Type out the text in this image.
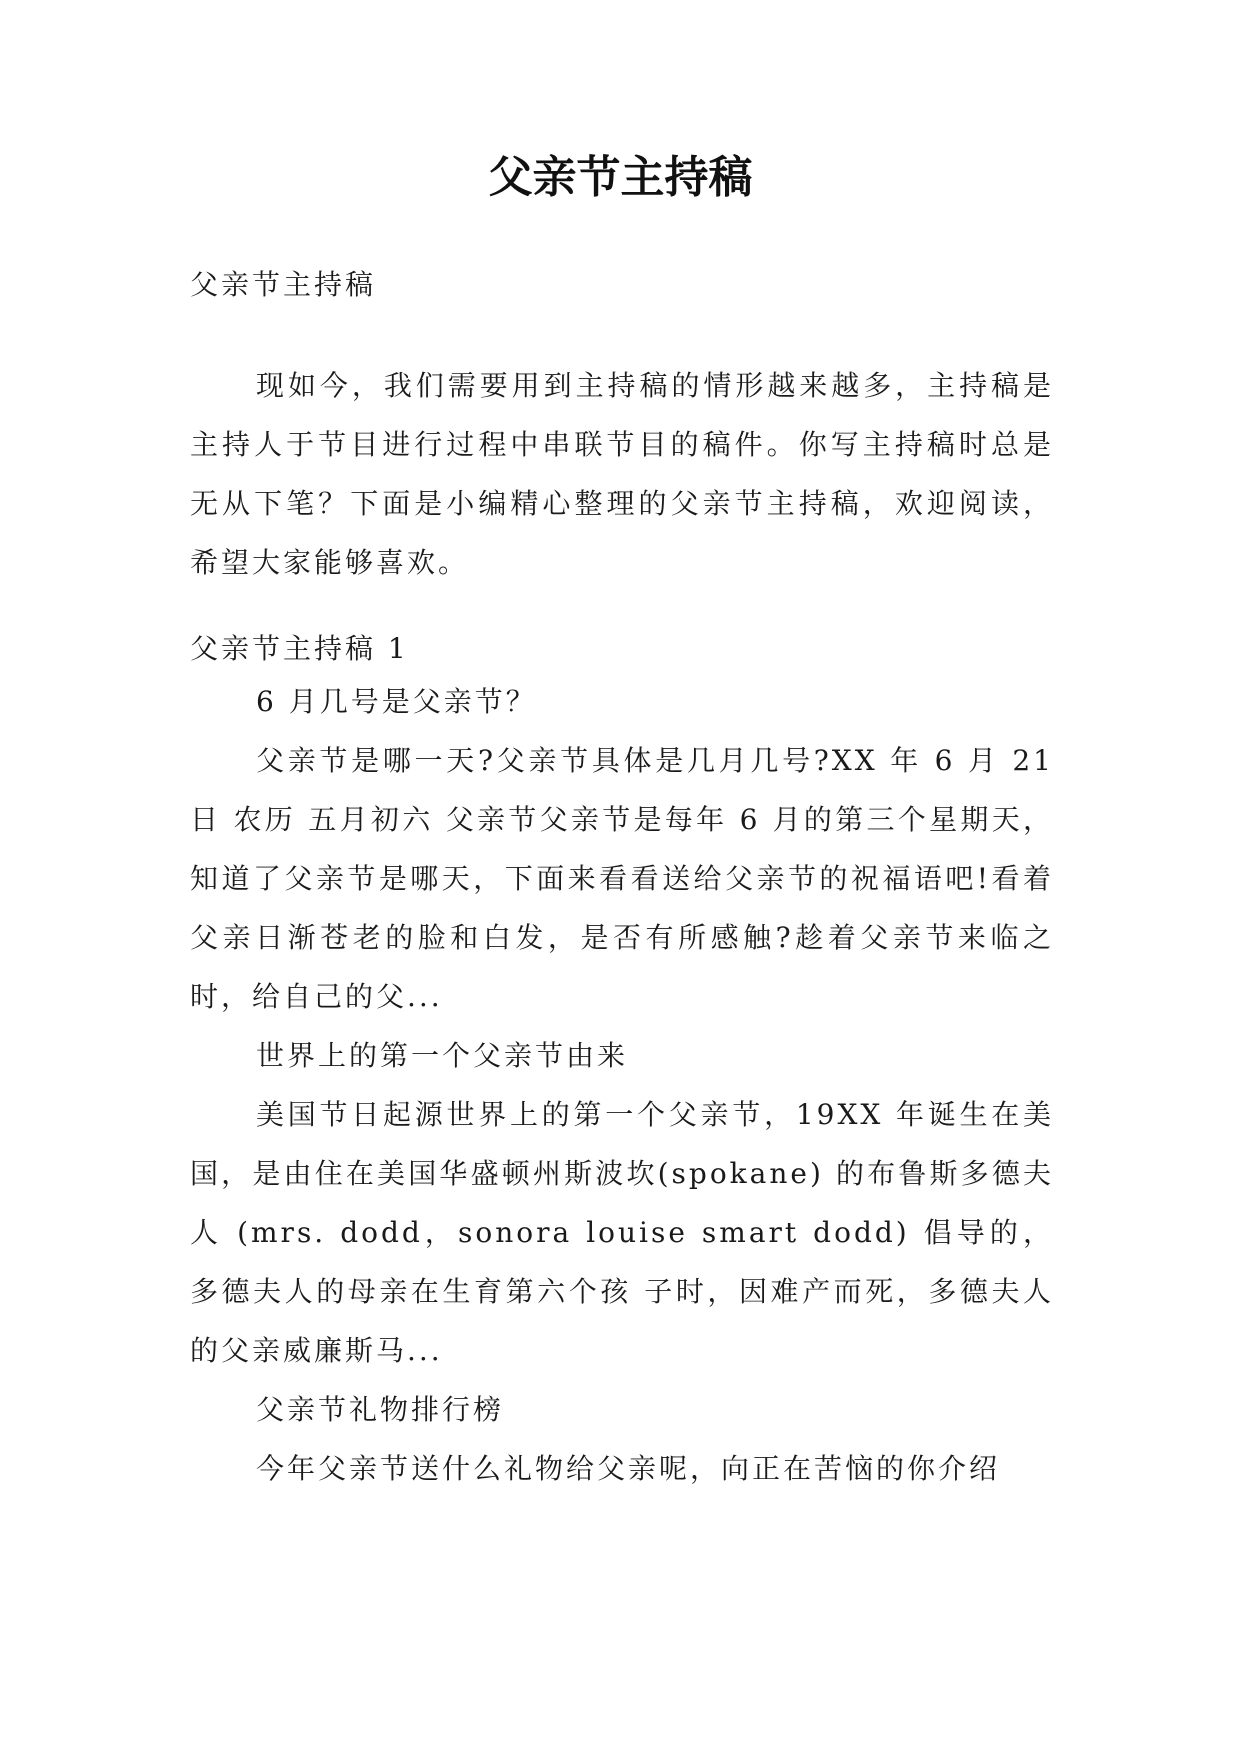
父亲节主持稿

父亲节主持稿

现如今，我们需要用到主持稿的情形越来越多，主持稿是主持人于节目进行过程中串联节目的稿件。你写主持稿时总是无从下笔？下面是小编精心整理的父亲节主持稿，欢迎阅读，希望大家能够喜欢。

父亲节主持稿 1

6 月几号是父亲节？

父亲节是哪一天?父亲节具体是几月几号?XX 年 6 月 21 日 农历 五月初六 父亲节父亲节是每年 6 月的第三个星期天，知道了父亲节是哪天，下面来看看送给父亲节的祝福语吧!看着父亲日渐苍老的脸和白发，是否有所感触?趁着父亲节来临之时，给自己的父...

世界上的第一个父亲节由来

美国节日起源世界上的第一个父亲节，19XX 年诞生在美国，是由住在美国华盛顿州斯波坎(spokane) 的布鲁斯多德夫人 (mrs. dodd，sonora louise smart dodd) 倡导的，多德夫人的母亲在生育第六个孩 子时，因难产而死，多德夫人的父亲威廉斯马...

父亲节礼物排行榜

今年父亲节送什么礼物给父亲呢，向正在苦恼的你介绍
